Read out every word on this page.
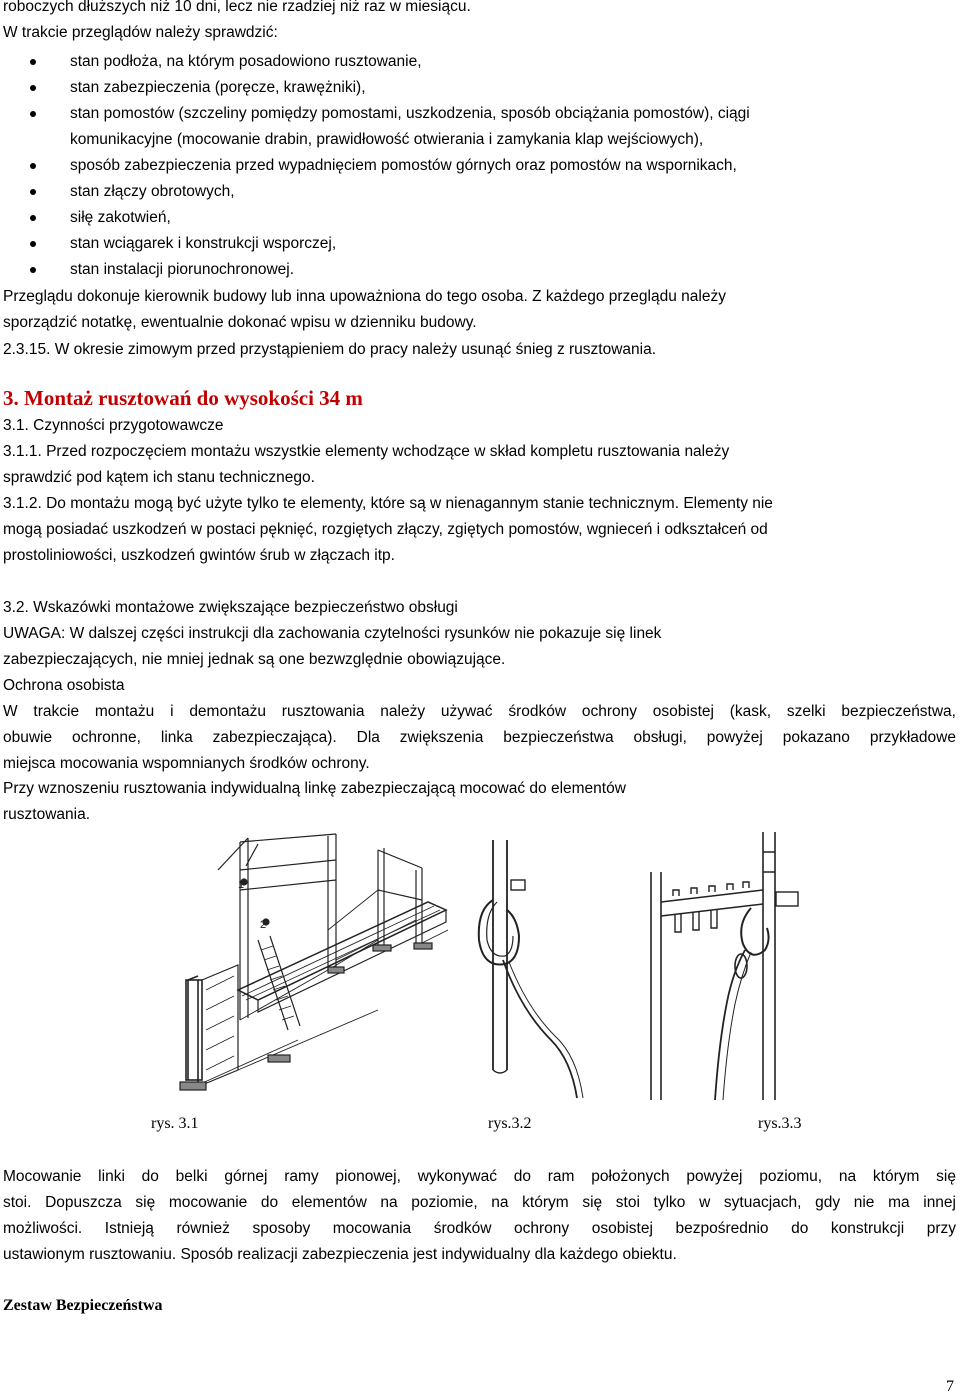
roboczych dłuższych niż 10 dni, lecz nie rzadziej niż raz w miesiącu.
W trakcie przeglądów należy sprawdzić:
stan podłoża, na którym posadowiono rusztowanie,
stan zabezpieczenia (poręcze, krawężniki),
stan pomostów (szczeliny pomiędzy pomostami, uszkodzenia, sposób obciążania pomostów), ciągi
komunikacyjne (mocowanie drabin, prawidłowość otwierania i zamykania klap wejściowych),
sposób zabezpieczenia przed wypadnięciem pomostów górnych oraz pomostów na wspornikach,
stan złączy obrotowych,
siłę zakotwień,
stan wciągarek i konstrukcji wsporczej,
stan instalacji piorunochronowej.
Przeglądu dokonuje kierownik budowy lub inna upoważniona do tego osoba. Z każdego przeglądu należy
sporządzić notatkę, ewentualnie dokonać wpisu w dzienniku budowy.
2.3.15. W okresie zimowym przed przystąpieniem do pracy należy usunąć śnieg z rusztowania.
3. Montaż rusztowań do wysokości 34 m
3.1. Czynności przygotowawcze
3.1.1. Przed rozpoczęciem montażu wszystkie elementy wchodzące w skład kompletu rusztowania należy
sprawdzić pod kątem ich stanu technicznego.
3.1.2. Do montażu mogą być użyte tylko te elementy, które są w nienagannym stanie technicznym. Elementy nie
mogą posiadać uszkodzeń w postaci pęknięć, rozgiętych złączy, zgiętych pomostów, wgnieceń i odkształceń od
prostoliniowości, uszkodzeń gwintów śrub w złączach itp.
3.2. Wskazówki montażowe zwiększające bezpieczeństwo obsługi
UWAGA: W dalszej części instrukcji dla zachowania czytelności rysunków nie pokazuje się linek
zabezpieczających, nie mniej jednak są one bezwzględnie obowiązujące.
Ochrona osobista
W trakcie montażu i demontażu rusztowania należy używać środków ochrony osobistej (kask, szelki bezpieczeństwa,
obuwie ochronne, linka zabezpieczająca). Dla zwiększenia bezpieczeństwa obsługi, powyżej pokazano przykładowe
miejsca mocowania wspomnianych środków ochrony.
Przy wznoszeniu rusztowania indywidualną linkę zabezpieczającą mocować do elementów
rusztowania.
1
2
rys. 3.1	rys.3.2	rys.3.3
Mocowanie linki do belki górnej ramy pionowej, wykonywać do ram położonych powyżej poziomu, na którym się
stoi. Dopuszcza się mocowanie do elementów na poziomie, na którym się stoi tylko w sytuacjach, gdy nie ma innej
możliwości. Istnieją również sposoby mocowania środków ochrony osobistej bezpośrednio do konstrukcji przy
ustawionym rusztowaniu. Sposób realizacji zabezpieczenia jest indywidualny dla każdego obiektu.
Zestaw Bezpieczeństwa
7
